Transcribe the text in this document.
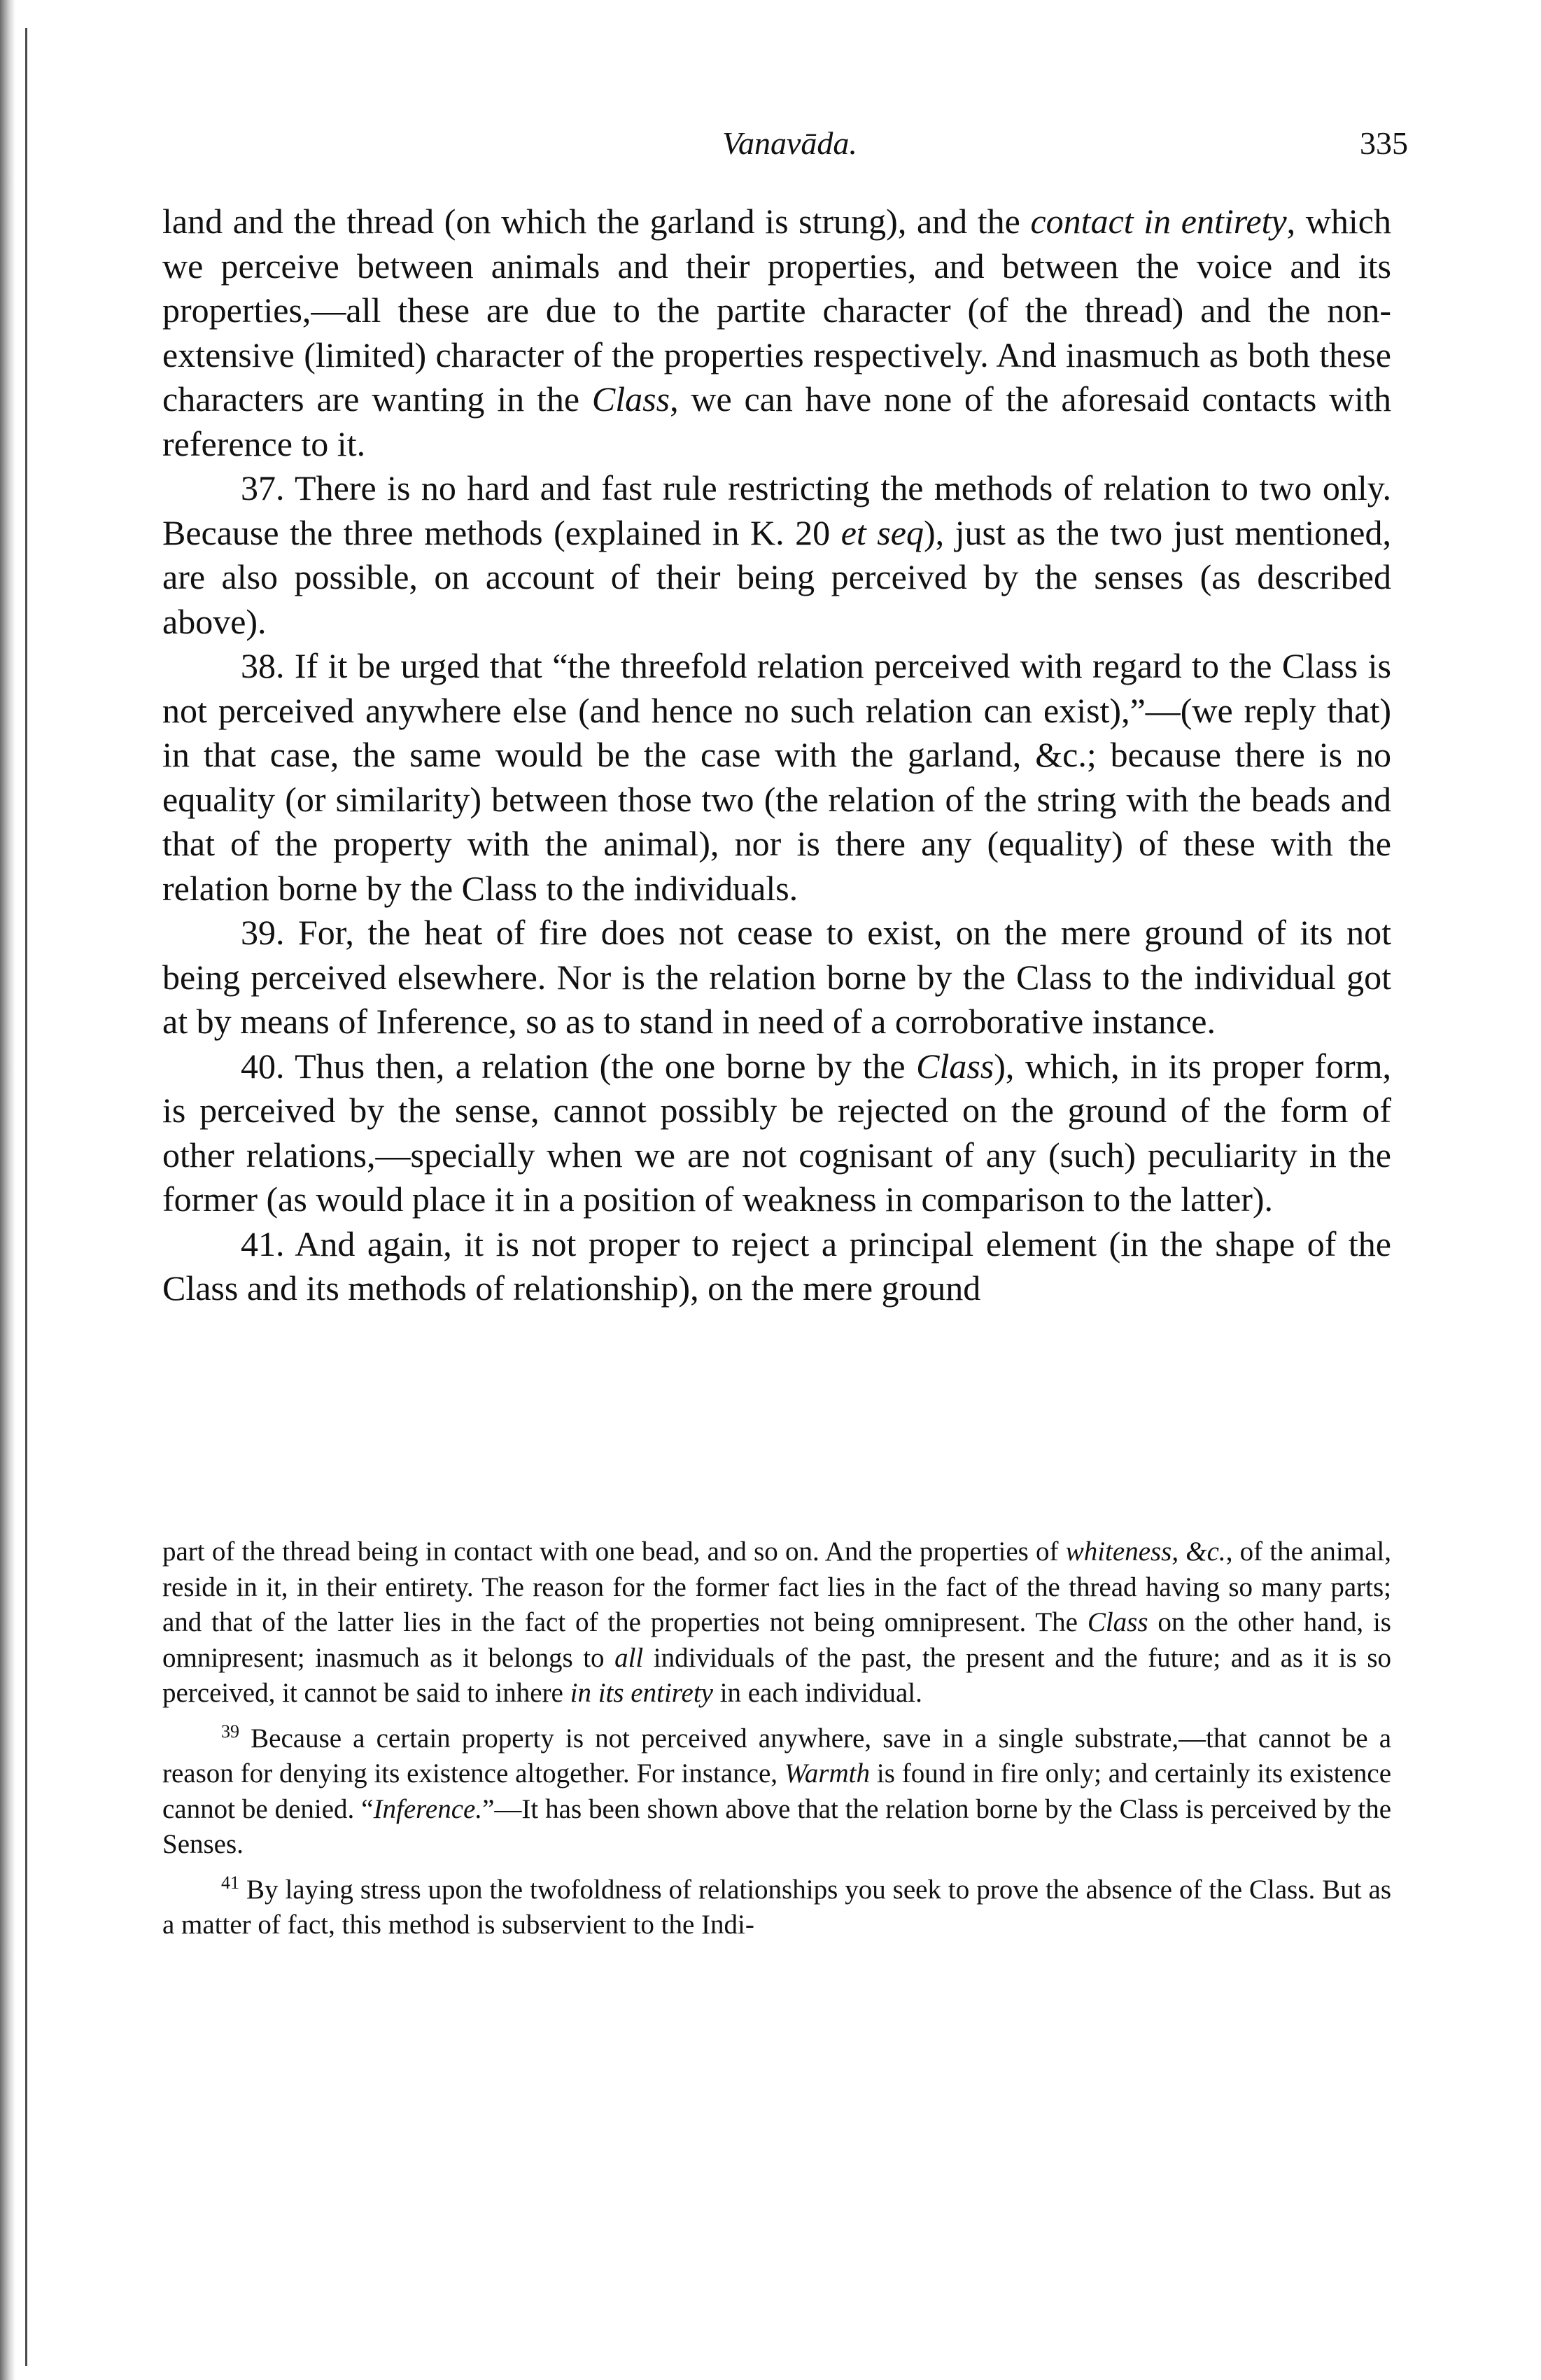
Vanavāda.	335

land and the thread (on which the garland is strung), and the contact in entirety, which we perceive between animals and their properties, and between the voice and its properties,—all these are due to the partite character (of the thread) and the non-extensive (limited) character of the properties respectively. And inasmuch as both these characters are wanting in the Class, we can have none of the aforesaid contacts with reference to it.

37. There is no hard and fast rule restricting the methods of relation to two only. Because the three methods (explained in K. 20 et seq), just as the two just mentioned, are also possible, on account of their being perceived by the senses (as described above).

38. If it be urged that “the threefold relation perceived with regard to the Class is not perceived anywhere else (and hence no such relation can exist),”—(we reply that) in that case, the same would be the case with the garland, &c.; because there is no equality (or similarity) between those two (the relation of the string with the beads and that of the property with the animal), nor is there any (equality) of these with the relation borne by the Class to the individuals.

39. For, the heat of fire does not cease to exist, on the mere ground of its not being perceived elsewhere. Nor is the relation borne by the Class to the individual got at by means of Inference, so as to stand in need of a corroborative instance.

40. Thus then, a relation (the one borne by the Class), which, in its proper form, is perceived by the sense, cannot possibly be rejected on the ground of the form of other relations,—specially when we are not cognisant of any (such) peculiarity in the former (as would place it in a position of weakness in comparison to the latter).

41. And again, it is not proper to reject a principal element (in the shape of the Class and its methods of relationship), on the mere ground

part of the thread being in contact with one bead, and so on. And the properties of whiteness, &c., of the animal, reside in it, in their entirety. The reason for the former fact lies in the fact of the thread having so many parts; and that of the latter lies in the fact of the properties not being omnipresent. The Class on the other hand, is omnipresent; inasmuch as it belongs to all individuals of the past, the present and the future; and as it is so perceived, it cannot be said to inhere in its entirety in each individual.

$^{39}$ Because a certain property is not perceived anywhere, save in a single substrate,—that cannot be a reason for denying its existence altogether. For instance, Warmth is found in fire only; and certainly its existence cannot be denied. “Inference.”—It has been shown above that the relation borne by the Class is perceived by the Senses.

$^{41}$ By laying stress upon the twofoldness of relationships you seek to prove the absence of the Class. But as a matter of fact, this method is subservient to the Indi-
